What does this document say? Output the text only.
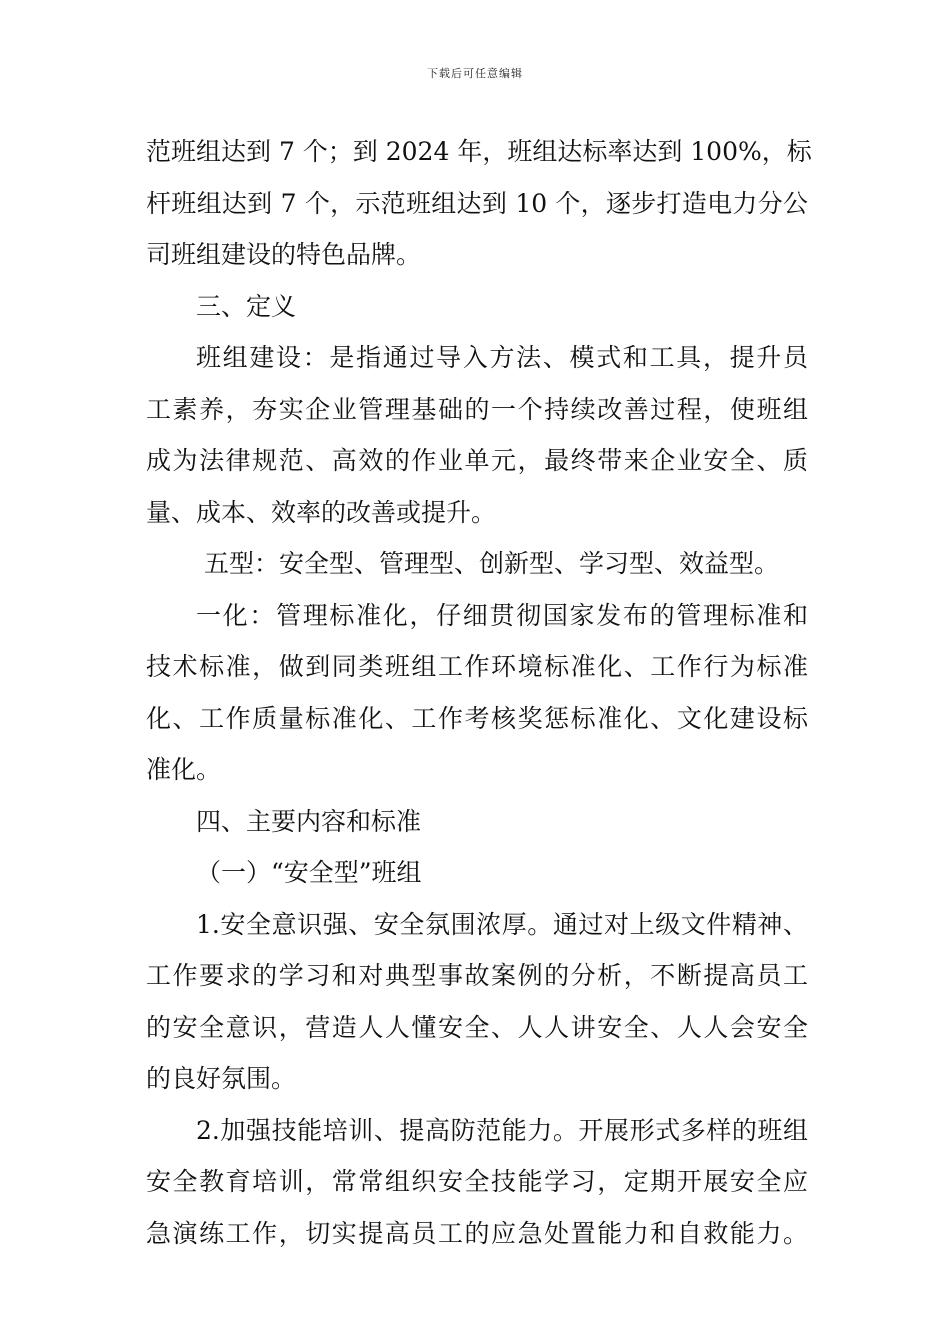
下载后可任意编辑
范班组达到 7 个；到 2024 年，班组达标率达到 100%，标
杆班组达到 7 个，示范班组达到 10 个，逐步打造电力分公
司班组建设的特色品牌。
三、定义
班组建设：是指通过导入方法、模式和工具，提升员
工素养，夯实企业管理基础的一个持续改善过程，使班组
成为法律规范、高效的作业单元，最终带来企业安全、质
量、成本、效率的改善或提升。
五型：安全型、管理型、创新型、学习型、效益型。
一化：管理标准化，仔细贯彻国家发布的管理标准和
技术标准，做到同类班组工作环境标准化、工作行为标准
化、工作质量标准化、工作考核奖惩标准化、文化建设标
准化。
四、主要内容和标准
（一）“安全型”班组
1.安全意识强、安全氛围浓厚。通过对上级文件精神、
工作要求的学习和对典型事故案例的分析，不断提高员工
的安全意识，营造人人懂安全、人人讲安全、人人会安全
的良好氛围。
2.加强技能培训、提高防范能力。开展形式多样的班组
安全教育培训，常常组织安全技能学习，定期开展安全应
急演练工作，切实提高员工的应急处置能力和自救能力。
